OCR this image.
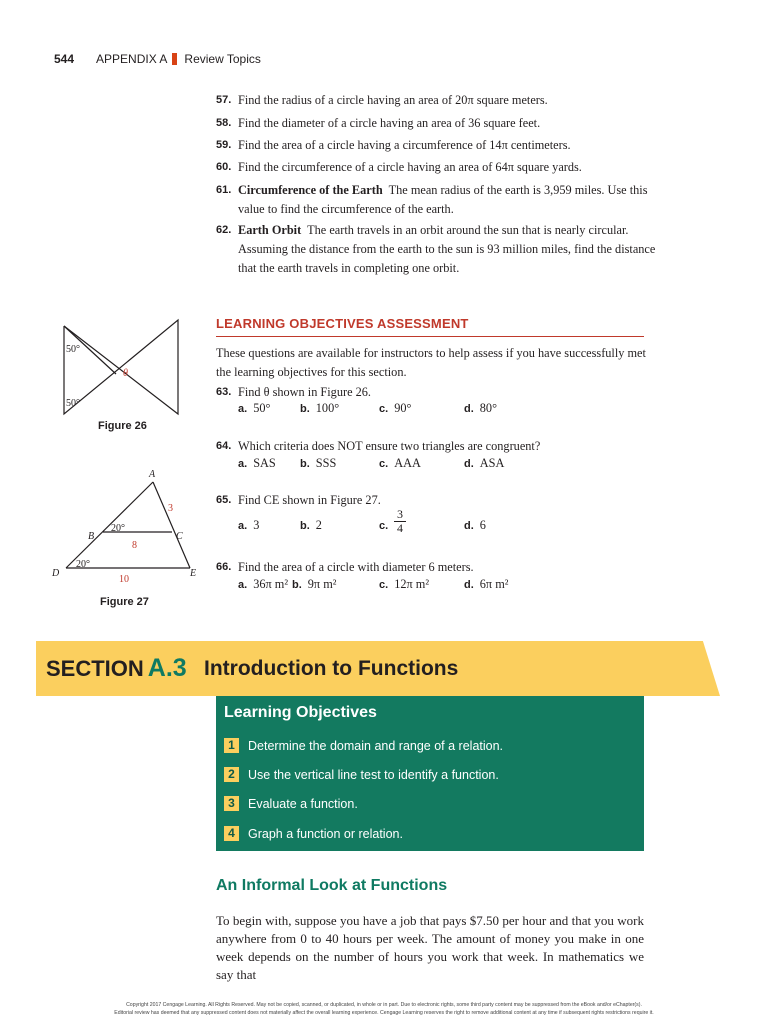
544 APPENDIX A Review Topics
57. Find the radius of a circle having an area of 20π square meters.
58. Find the diameter of a circle having an area of 36 square feet.
59. Find the area of a circle having a circumference of 14π centimeters.
60. Find the circumference of a circle having an area of 64π square yards.
61. Circumference of the Earth The mean radius of the earth is 3,959 miles. Use this value to find the circumference of the earth.
62. Earth Orbit The earth travels in an orbit around the sun that is nearly circular. Assuming the distance from the earth to the sun is 93 million miles, find the distance that the earth travels in completing one orbit.
LEARNING OBJECTIVES ASSESSMENT
These questions are available for instructors to help assess if you have successfully met the learning objectives for this section.
63. Find θ shown in Figure 26.
a. 50°	b. 100°	c. 90°	d. 80°
64. Which criteria does NOT ensure two triangles are congruent?
a. SAS b. SSS	c. AAA	d. ASA
65. Find CE shown in Figure 27.
a. 3	b. 2	c.	d. 6
$\frac{3}{4}$
66. Find the area of a circle with diameter 6 meters.
a. 36π m² b. 9π m²	c. 12π m²	d. 6π m²
50°
50°
θ
Figure 26
A
B	C
D	E
20°
20°
3
8
10
Figure 27
SECTION A.3 Introduction to Functions
Learning Objectives
1	Determine the domain and range of a relation.
2	Use the vertical line test to identify a function.
3	Evaluate a function.
4	Graph a function or relation.
An Informal Look at Functions
To begin with, suppose you have a job that pays $7.50 per hour and that you work anywhere from 0 to 40 hours per week. The amount of money you make in one week depends on the number of hours you work that week. In mathematics we say that
Copyright 2017 Cengage Learning. All Rights Reserved. May not be copied, scanned, or duplicated, in whole or in part. Due to electronic rights, some third party content may be suppressed from the eBook and/or eChapter(s).
Editorial review has deemed that any suppressed content does not materially affect the overall learning experience. Cengage Learning reserves the right to remove additional content at any time if subsequent rights restrictions require it.
